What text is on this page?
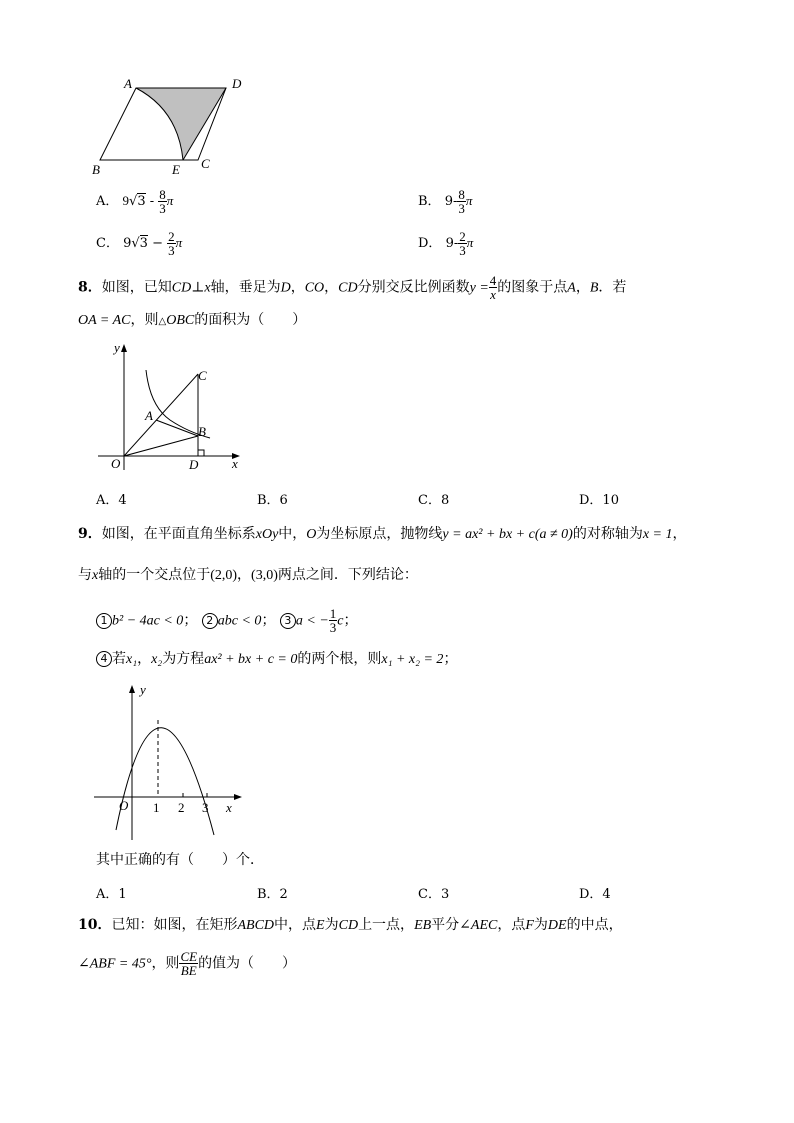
A	D
B	E C
A． $9√3 - \frac{8}{3}$ π	B． $9- \frac{8}{3}$ π
C． $9√3 - \frac{2}{3}$ π	D． $9- \frac{2}{3}$ π
8．如图，已知CD⊥x轴，垂足为D，CO，CD分别交反比例函数$y = \frac{4}{x}$ 的图象于点A，B．若
OA = AC，则△OBC的面积为（　　）
y
C
A
B
O	D	x
A．4	B．6	C．8	D．10
9．如图，在平面直角坐标系xOy中，O为坐标原点，抛物线y = ax² + bx + c(a ≠ 0)的对称轴为x = 1，
与x轴的一个交点位于(2,0)，(3,0)两点之间．下列结论：
1 b² − 4ac < 0； 2 abc < 0； 3 a < − $\frac{1}{3}$ c；
4 若x₁，x₂为方程ax² + bx + c = 0的两个根，则x₁ + x₂ = 2；
y
O 1 2 3 x
其中正确的有（　　）个．
A．1	B．2	C．3	D．4
10．已知：如图，在矩形ABCD中，点E为CD上一点，EB平分∠AEC，点F为DE的中点，
∠ABF = 45°，则 $\frac{CE}{BE}$ 的值为（　　）
